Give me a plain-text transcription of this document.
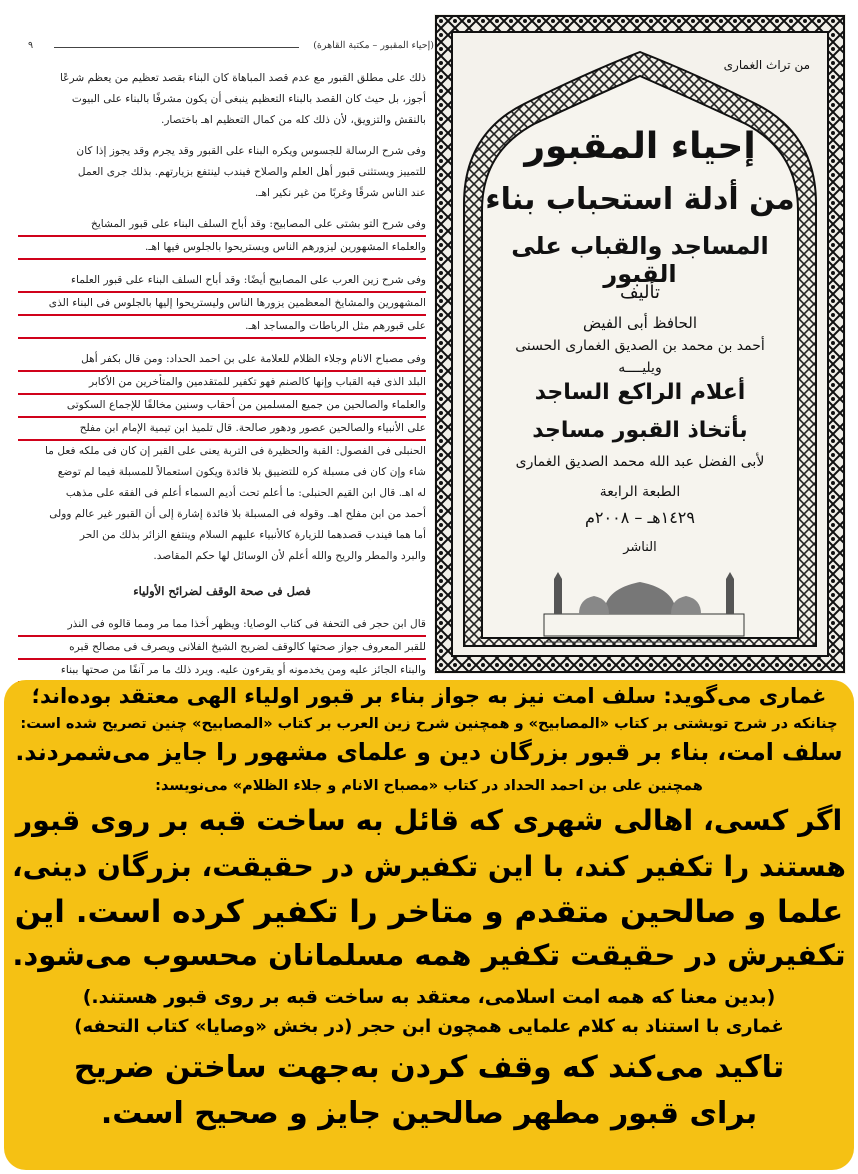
(إحياء المقبور – مكتبة القاهرة)
٩

ذلك على مطلق القبور مع عدم قصد المباهاة كان البناء بقصد تعظيم من يعظم شرعًا
أجوز، بل حيث كان القصد بالبناء التعظيم ينبغى أن يكون مشرفًا بالبناء على البيوت
بالنقش والتزويق، لأن ذلك كله من كمال التعظيم اهـ باختصار.

وفى شرح الرسالة للجسوس ويكره البناء على القبور وقد يجرم وقد يجوز إذا كان
للتمييز ويستثنى قبور أهل العلم والصلاح فيندب لينتفع بزيارتهم. بذلك جرى العمل
عند الناس شرقًا وغربًا من غير نكير اهـ.

وفى شرح التو بشتى على المصابيح: وقد أباح السلف البناء على قبور المشايخ
والعلماء المشهورين ليزورهم الناس ويستريحوا بالجلوس فيها اهـ.

وفى شرح زين العرب على المصابيح أيضًا: وقد أباح السلف البناء على قبور العلماء
المشهورين والمشايخ المعظمين يزورها الناس وليستريحوا إليها بالجلوس فى البناء الذى
على قبورهم مثل الرباطات والمساجد اهـ.

وفى مصباح الانام وجلاء الظلام للعلامة على بن احمد الحداد: ومن قال بكفر أهل
البلد الذى فيه القباب وإنها كالصنم فهو تكفير للمتقدمين والمتأخرين من الأكابر
والعلماء والصالحين من جميع المسلمين من أحقاب وسنين مخالفًا للإجماع السكوتى
على الأنبياء والصالحين عصور ودهور صالحة. قال تلميذ ابن تيمية الإمام ابن مفلح
الحنبلى فى الفصول: القبة والحظيرة فى التربة يعنى على القبر إن كان فى ملكه فعل ما
شاء وإن كان فى مسبلة كره للتضييق بلا فائدة ويكون استعمالاً للمسبلة فيما لم توضع
له اهـ. قال ابن القيم الحنبلى: ما أعلم تحت أديم السماء أعلم فى الفقه على مذهب
أحمد من ابن مفلح اهـ. وقوله فى المسبلة بلا فائدة إشارة إلى أن القبور غير عالم وولى
أما هما فيندب قصدهما للزيارة كالأنبياء عليهم السلام وينتفع الزائر بذلك من الحر
والبرد والمطر والريح والله أعلم لأن الوسائل لها حكم المقاصد.

فصل فى صحة الوقف لضرائح الأولياء

قال ابن حجر فى التحفة فى كتاب الوصايا: ويظهر أخذا مما مر ومما قالوه فى النذر
للقبر المعروف جواز صحتها كالوقف لضريح الشيخ الفلانى ويصرف فى مصالح قبره
والبناء الجائز عليه ومن يخدمونه أو يقرءون عليه. ويرد ذلك ما مر آنفًا من صحتها ببناء

من تراث الغمارى
إحياء المقبور
من أدلة استحباب بناء
المساجد والقباب على القبور
تأليف
الحافظ أبى الفيض
أحمد بن محمد بن الصديق الغمارى الحسنى
ويليــــه
أعلام الراكع الساجد
بأتخاذ القبور مساجد
لأبى الفضل عبد الله محمد الصديق الغمارى
الطبعة الرابعة
١٤٢٩هـ – ٢٠٠٨م
الناشر
غماری می‌گوید: سلف امت نیز به جواز بناء بر قبور اولیاء الهی معتقد بوده‌اند؛
چنانکه در شرح تویشتی بر کتاب «المصابیح» و همچنین شرح زین العرب بر کتاب «المصابیح» چنین تصریح شده است:
سلف امت، بناء بر قبور بزرگان دین و علمای مشهور را جایز می‌شمردند.
همچنین علی بن احمد الحداد در کتاب «مصباح الانام و جلاء الظلام» می‌نویسد:
اگر کسی، اهالی شهری که قائل به ساخت قبه بر روی قبور
هستند را تکفیر کند، با این تکفیرش در حقیقت، بزرگان دینی،
علما و صالحین متقدم و متاخر را تکفیر کرده است. این
تکفیرش در حقیقت تکفیر همه مسلمانان محسوب می‌شود.
(بدین معنا که همه امت اسلامی، معتقد به ساخت قبه بر روی قبور هستند.)
غماری با استناد به کلام علمایی همچون ابن حجر (در بخش «وصایا» کتاب التحفه)
تاکید می‌کند که وقف کردن به‌جهت ساختن ضریح
برای قبور مطهر صالحین جایز و صحیح است.
